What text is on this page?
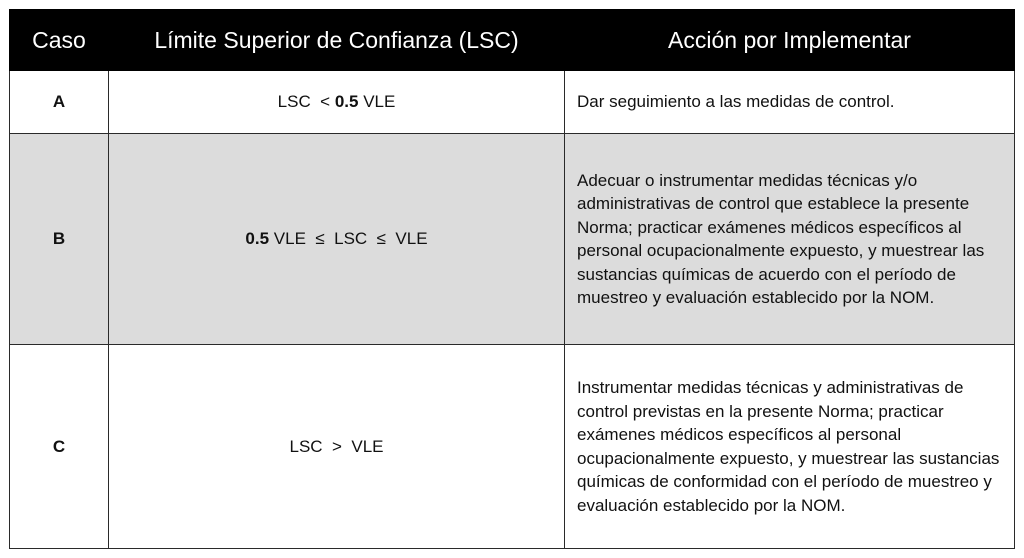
Caso	Límite Superior de Confianza (LSC)	Acción por Implementar
A	LSC  < 0.5 VLE	Dar seguimiento a las medidas de control.
B	0.5 VLE  ≤  LSC  ≤  VLE	Adecuar o instrumentar medidas técnicas y/o administrativas de control que establece la presente Norma; practicar exámenes médicos específicos al personal ocupacionalmente expuesto, y muestrear las sustancias químicas de acuerdo con el período de muestreo y evaluación establecido por la NOM.
C	LSC  >  VLE	Instrumentar medidas técnicas y administrativas de control previstas en la presente Norma; practicar exámenes médicos específicos al personal ocupacionalmente expuesto, y muestrear las sustancias químicas de conformidad con el período de muestreo y evaluación establecido por la NOM.
